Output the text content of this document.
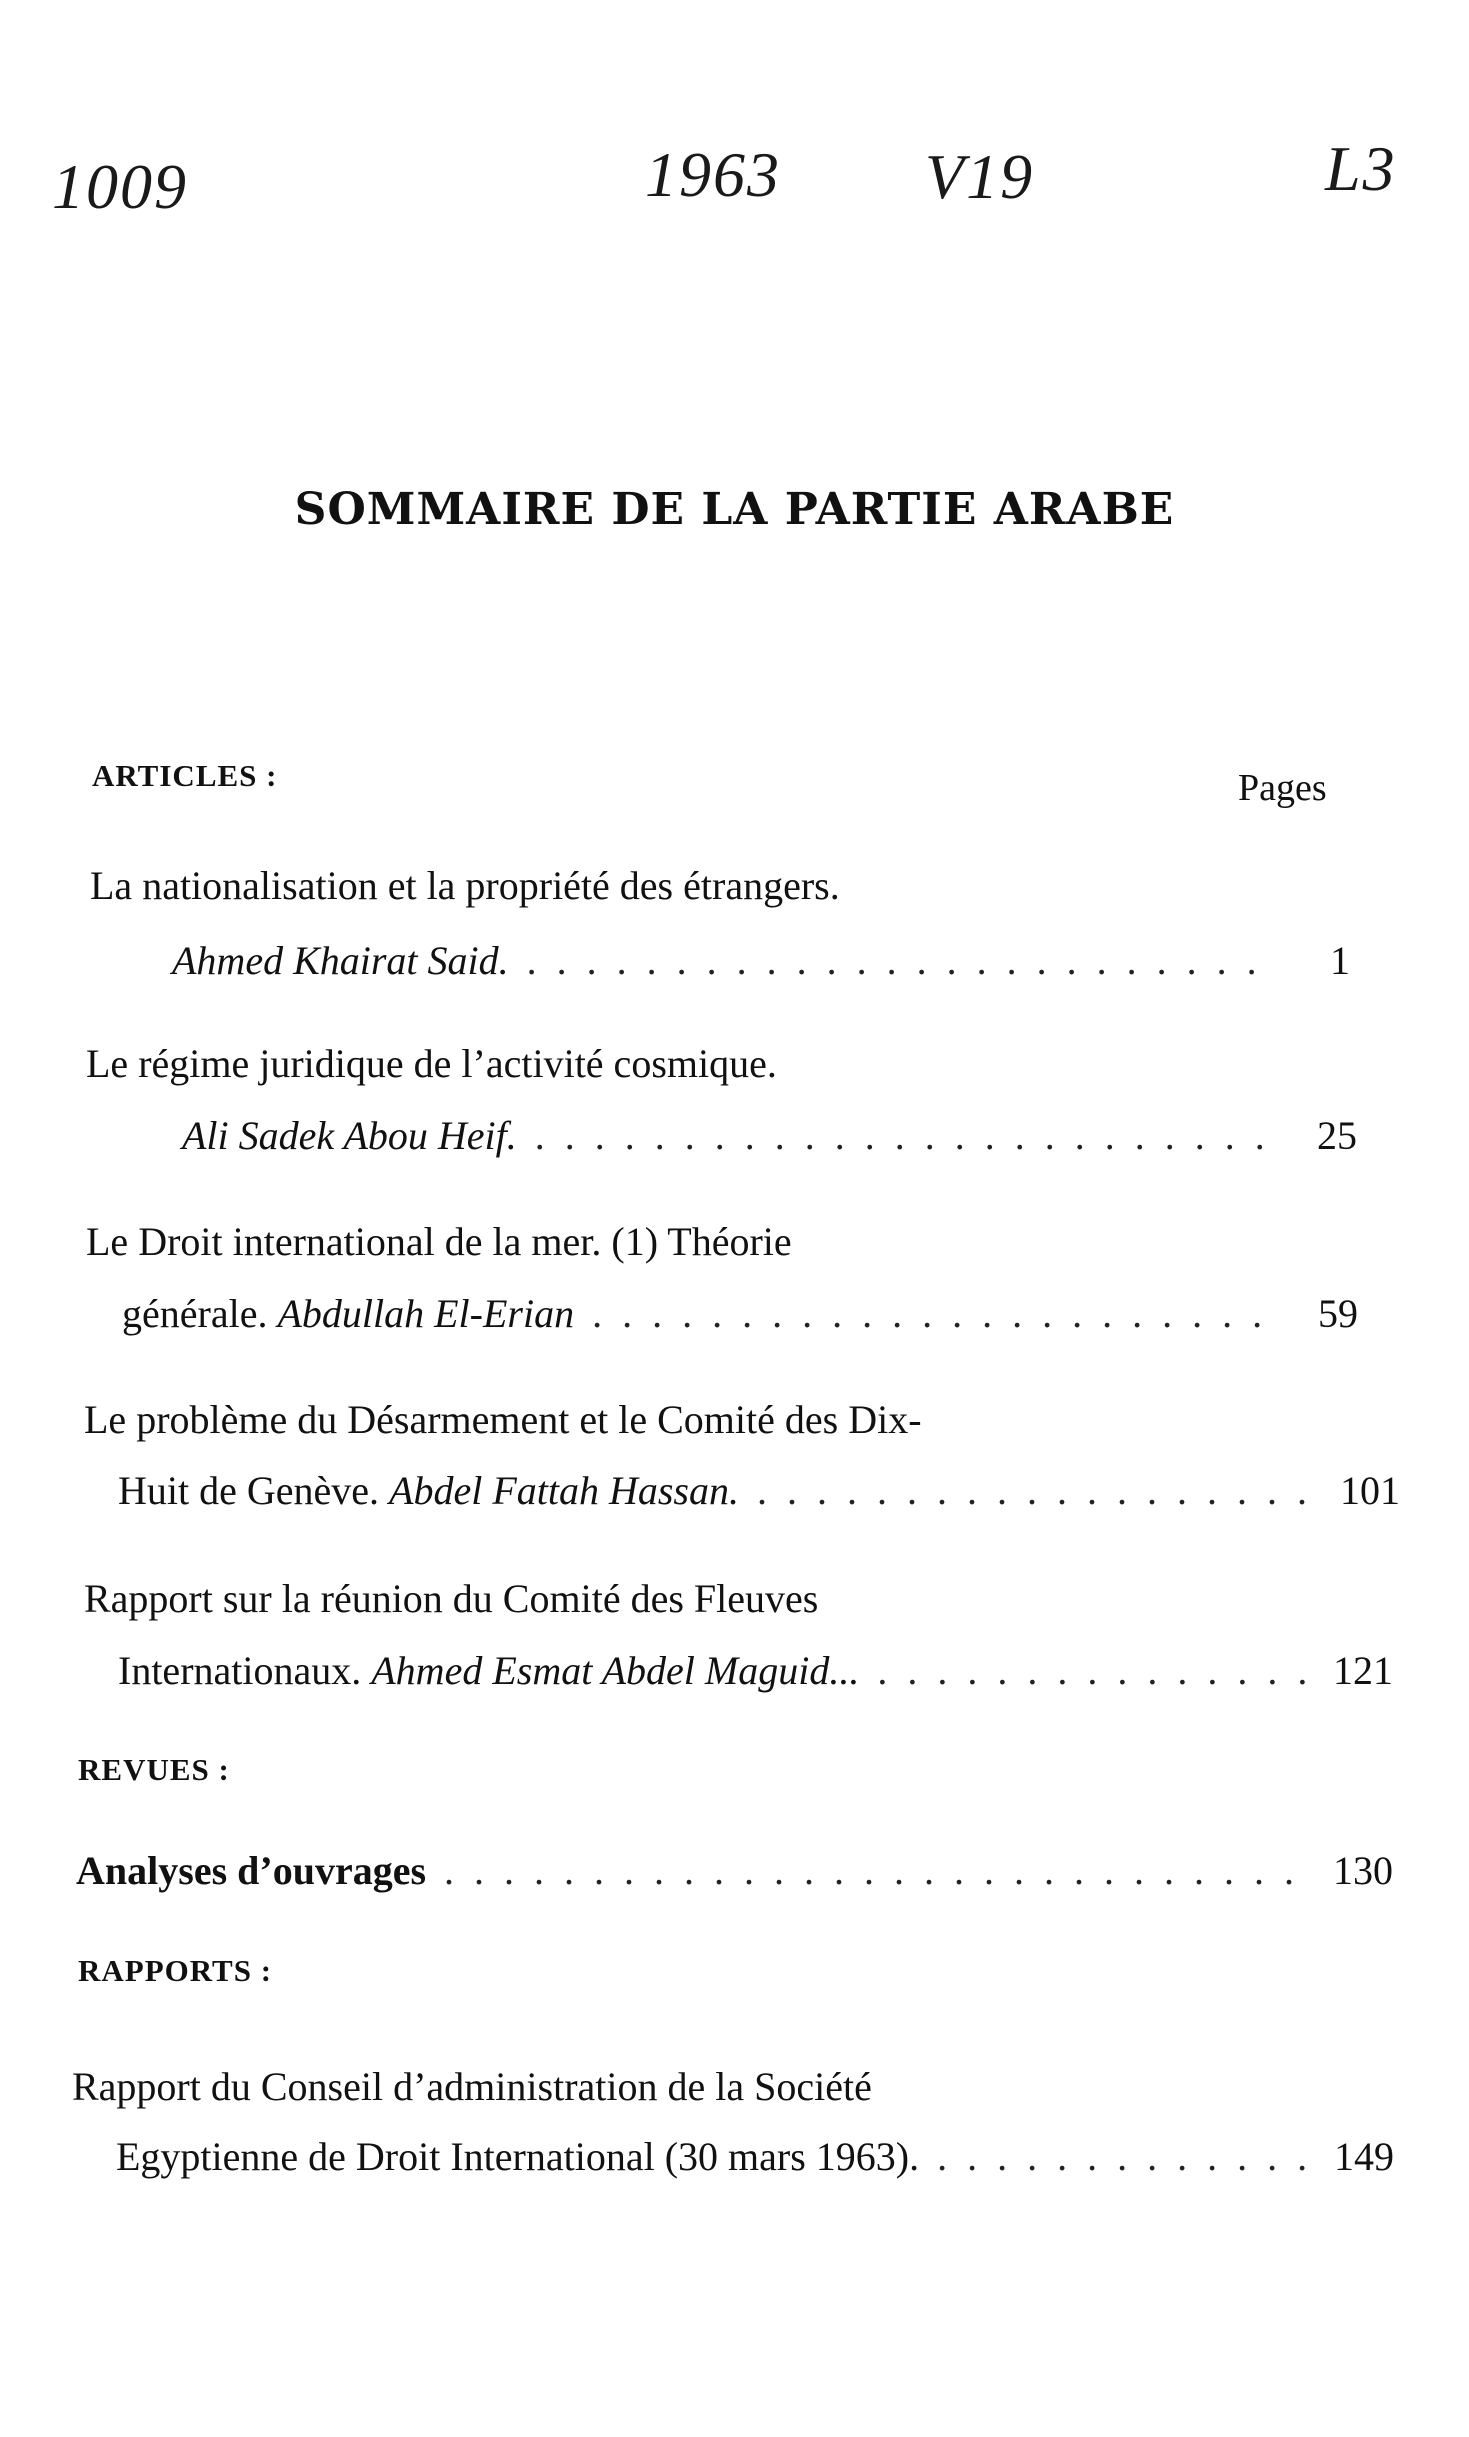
1009	1963 V19	L3
SOMMAIRE DE LA PARTIE ARABE
ARTICLES :	Pages
La nationalisation et la propriété des étrangers.
Ahmed Khairat Said. . . .	1
Le régime juridique de l’activité cosmique.
Ali Sadek Abou Heif. . . .	25
Le Droit international de la mer. (1) Théorie
générale.
Abdullah El-Erian . . .	59
Le problème du Désarmement et le Comité des Dix-
Huit de Genève.
Abdel Fattah Hassan. . . .	101
Rapport sur la réunion du Comité des Fleuves
Internationaux.
Ahmed Esmat Abdel Maguid... . . .	121
REVUES :
Analyses d’ouvrages . . .	130
RAPPORTS :
Rapport du Conseil d’administration de la Société
Egyptienne de Droit International (30 mars 1963). . . .	149
